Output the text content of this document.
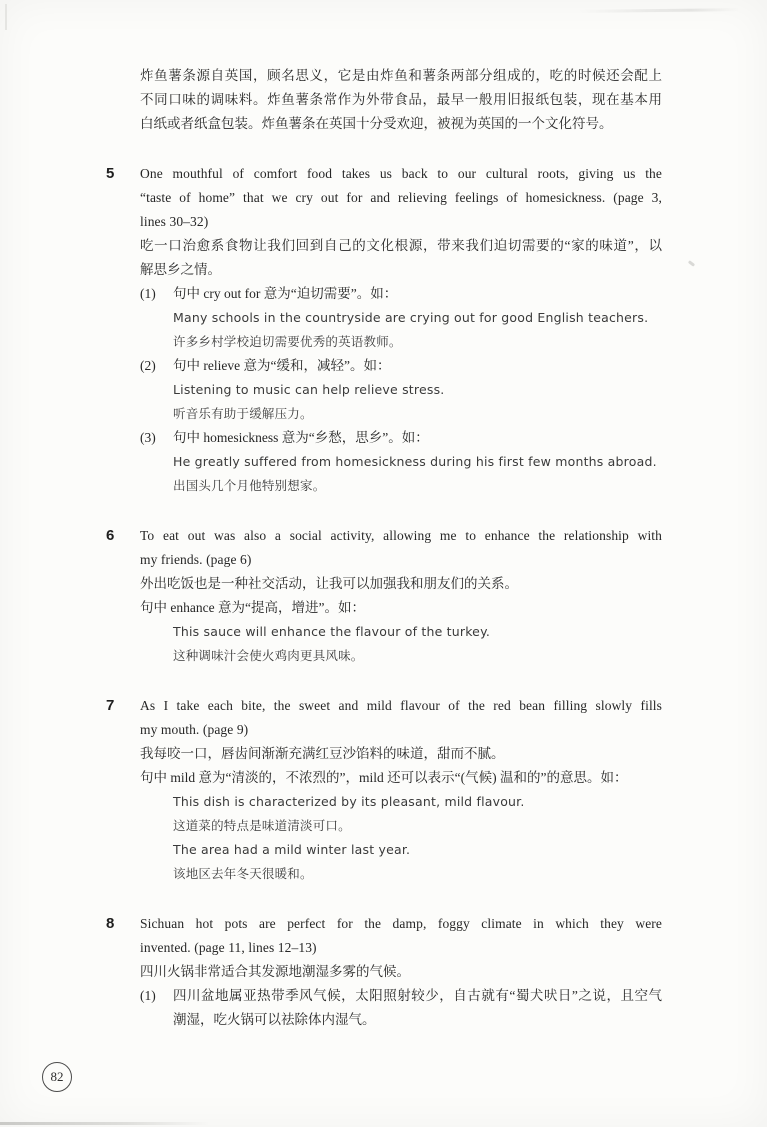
炸鱼薯条源自英国，顾名思义，它是由炸鱼和薯条两部分组成的，吃的时候还会配上

不同口味的调味料。炸鱼薯条常作为外带食品，最早一般用旧报纸包装，现在基本用

白纸或者纸盒包装。炸鱼薯条在英国十分受欢迎，被视为英国的一个文化符号。

5	One mouthful of comfort food takes us back to our cultural roots, giving us the

“taste of home” that we cry out for and relieving feelings of homesickness. (page 3,

lines 30–32)

吃一口治愈系食物让我们回到自己的文化根源，带来我们迫切需要的“家的味道”，以

解思乡之情。

(1)	句中 cry out for 意为“迫切需要”。如：

Many schools in the countryside are crying out for good English teachers.

许多乡村学校迫切需要优秀的英语教师。

(2)	句中 relieve 意为“缓和，减轻”。如：

Listening to music can help relieve stress.

听音乐有助于缓解压力。

(3)	句中 homesickness 意为“乡愁，思乡”。如：

He greatly suffered from homesickness during his first few months abroad.

出国头几个月他特别想家。

6	To eat out was also a social activity, allowing me to enhance the relationship with

my friends. (page 6)

外出吃饭也是一种社交活动，让我可以加强我和朋友们的关系。

句中 enhance 意为“提高，增进”。如：

This sauce will enhance the flavour of the turkey.

这种调味汁会使火鸡肉更具风味。

7	As I take each bite, the sweet and mild flavour of the red bean filling slowly fills

my mouth. (page 9)

我每咬一口，唇齿间渐渐充满红豆沙馅料的味道，甜而不腻。

句中 mild 意为“清淡的，不浓烈的”，mild 还可以表示“(气候) 温和的”的意思。如：

This dish is characterized by its pleasant, mild flavour.

这道菜的特点是味道清淡可口。

The area had a mild winter last year.

该地区去年冬天很暖和。

8	Sichuan hot pots are perfect for the damp, foggy climate in which they were

invented. (page 11, lines 12–13)

四川火锅非常适合其发源地潮湿多雾的气候。

(1)	四川盆地属亚热带季风气候，太阳照射较少，自古就有“蜀犬吠日”之说，且空气

潮湿，吃火锅可以祛除体内湿气。

82
